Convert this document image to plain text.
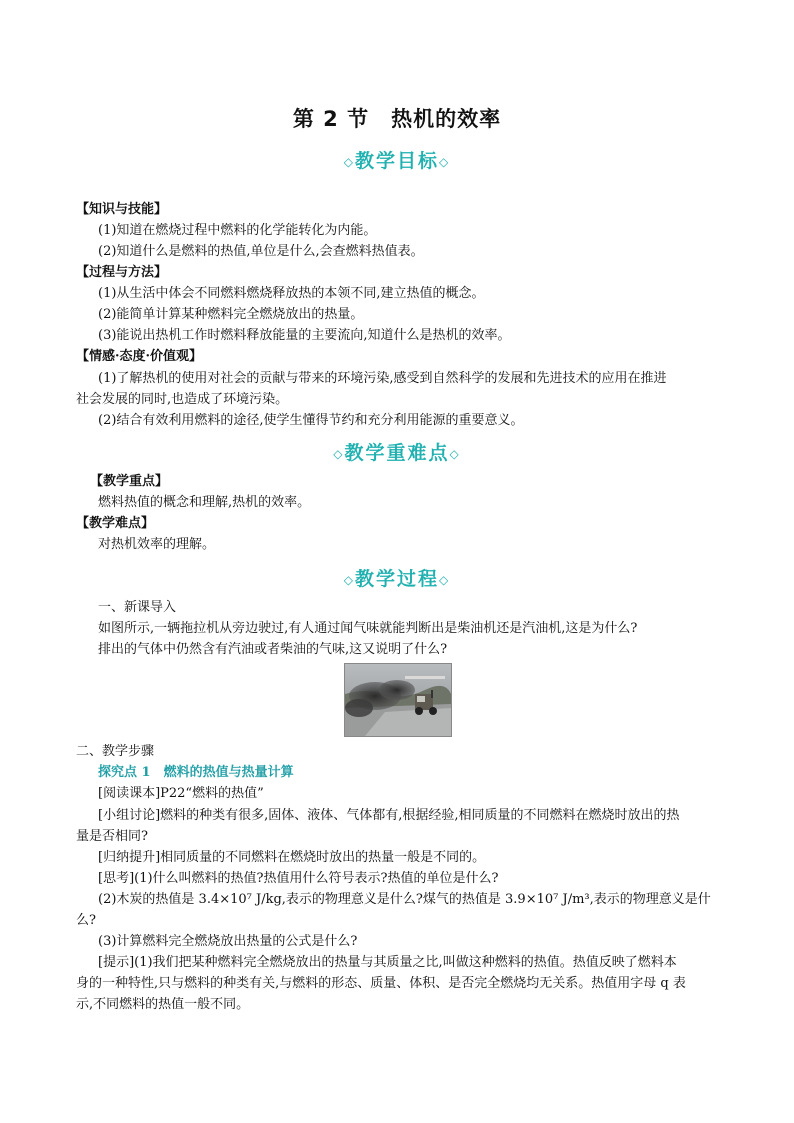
第 2 节　热机的效率
◇教学目标◇
【知识与技能】
(1)知道在燃烧过程中燃料的化学能转化为内能。
(2)知道什么是燃料的热值,单位是什么,会查燃料热值表。
【过程与方法】
(1)从生活中体会不同燃料燃烧释放热的本领不同,建立热值的概念。
(2)能简单计算某种燃料完全燃烧放出的热量。
(3)能说出热机工作时燃料释放能量的主要流向,知道什么是热机的效率。
【情感·态度·价值观】
(1)了解热机的使用对社会的贡献与带来的环境污染,感受到自然科学的发展和先进技术的应用在推进
社会发展的同时,也造成了环境污染。
(2)结合有效利用燃料的途径,使学生懂得节约和充分利用能源的重要意义。
◇教学重难点◇
【教学重点】
燃料热值的概念和理解,热机的效率。
【教学难点】
对热机效率的理解。
◇教学过程◇
一、新课导入
如图所示,一辆拖拉机从旁边驶过,有人通过闻气味就能判断出是柴油机还是汽油机,这是为什么?
排出的气体中仍然含有汽油或者柴油的气味,这又说明了什么?
二、教学步骤
探究点 1　燃料的热值与热量计算
[阅读课本]P22“燃料的热值”
[小组讨论]燃料的种类有很多,固体、液体、气体都有,根据经验,相同质量的不同燃料在燃烧时放出的热
量是否相同?
[归纳提升]相同质量的不同燃料在燃烧时放出的热量一般是不同的。
[思考](1)什么叫燃料的热值?热值用什么符号表示?热值的单位是什么?
(2)木炭的热值是 3.4×10⁷ J/kg,表示的物理意义是什么?煤气的热值是 3.9×10⁷ J/m³,表示的物理意义是什
么?
(3)计算燃料完全燃烧放出热量的公式是什么?
[提示](1)我们把某种燃料完全燃烧放出的热量与其质量之比,叫做这种燃料的热值。热值反映了燃料本
身的一种特性,只与燃料的种类有关,与燃料的形态、质量、体积、是否完全燃烧均无关系。热值用字母 q 表
示,不同燃料的热值一般不同。
